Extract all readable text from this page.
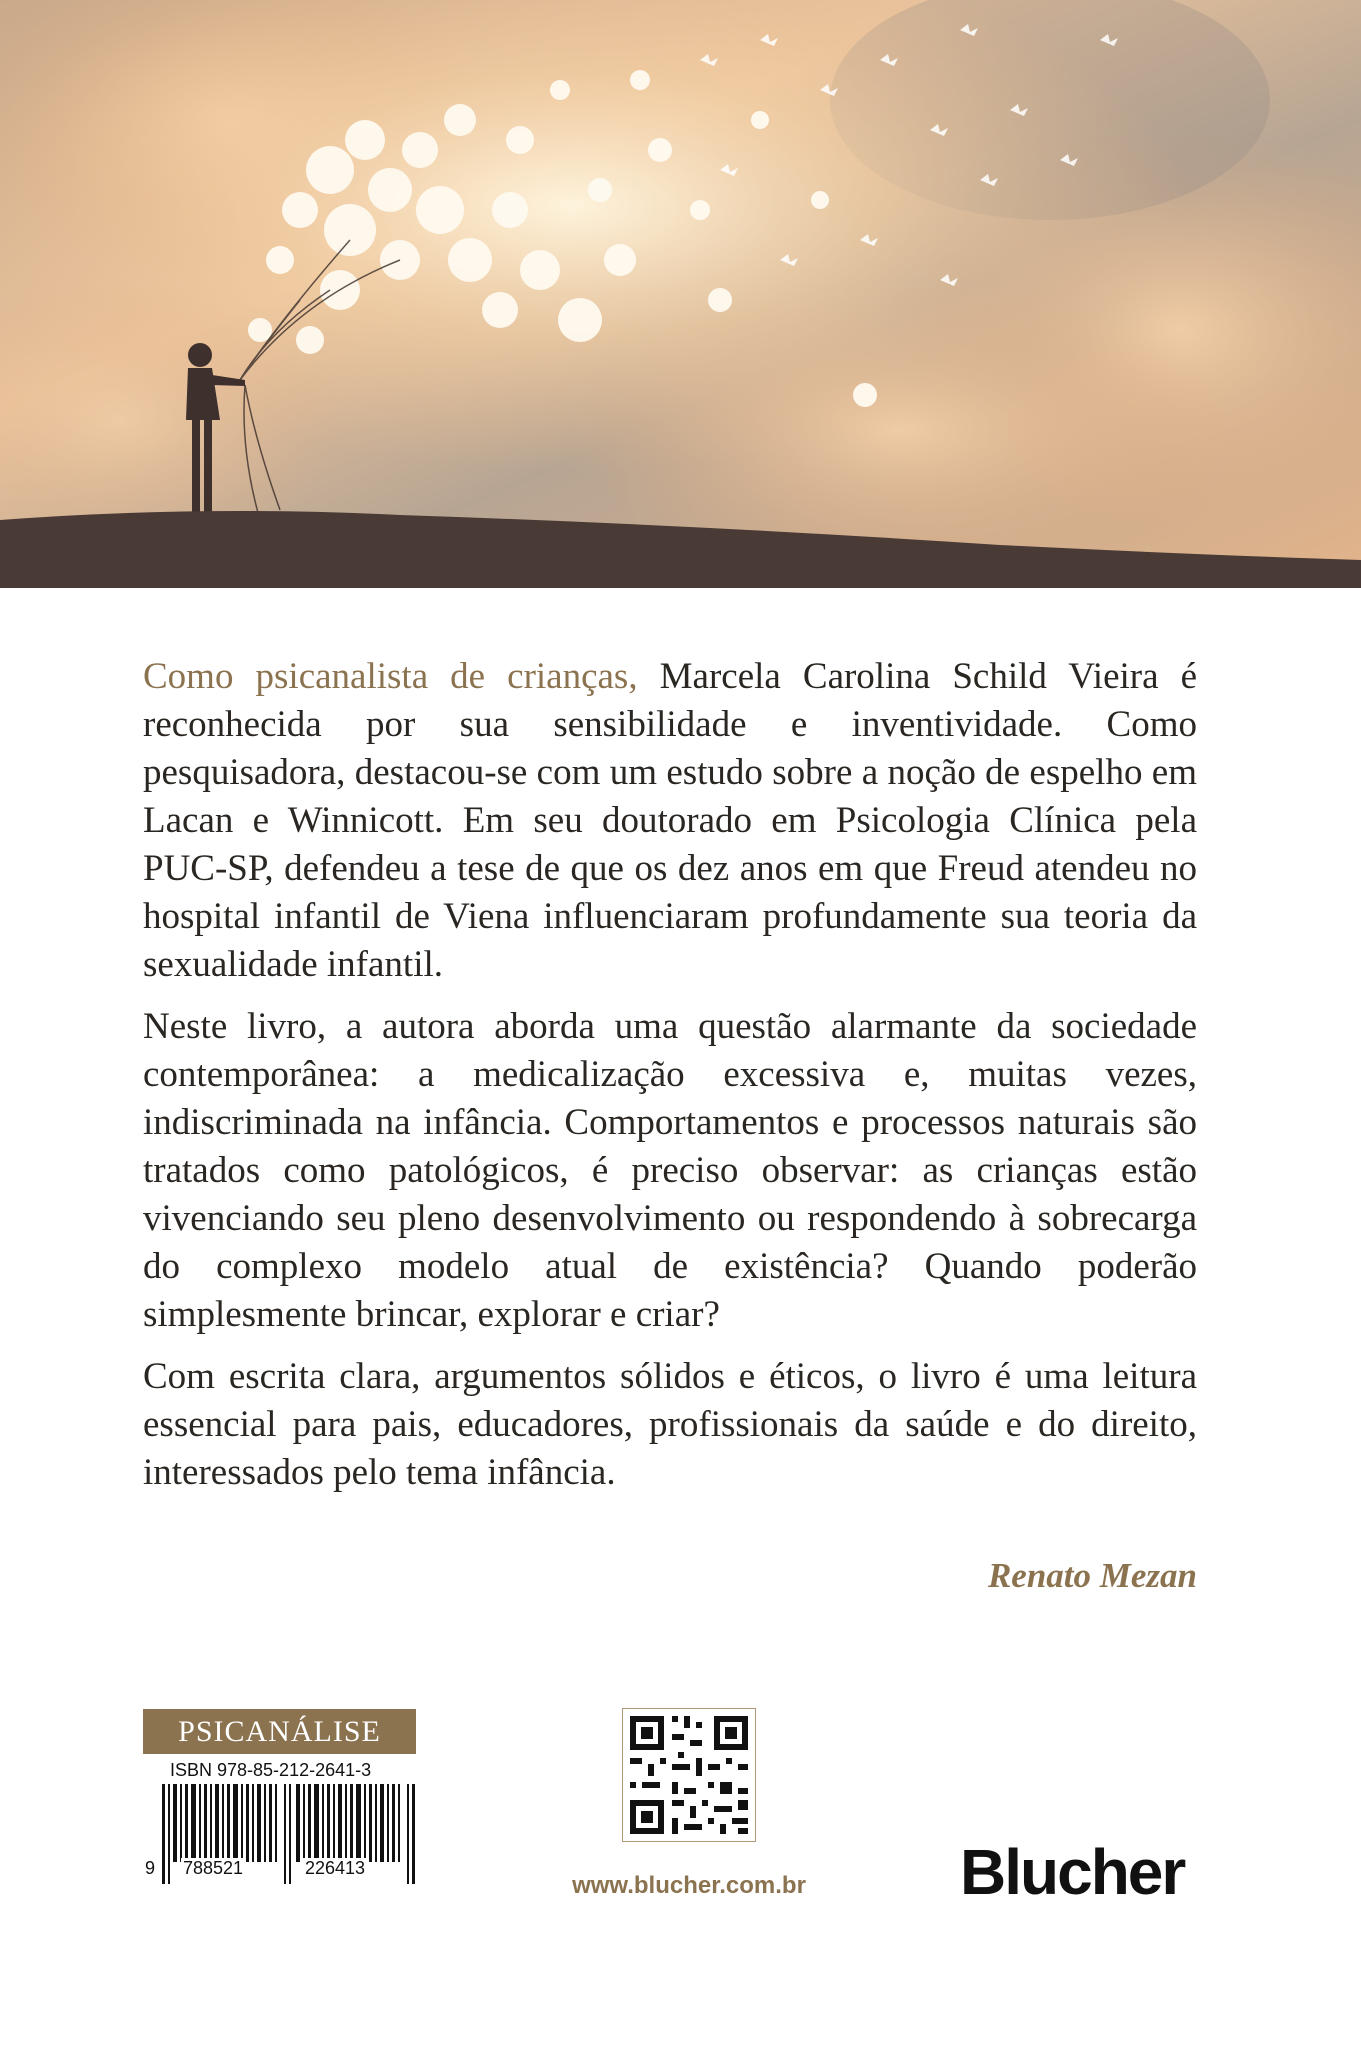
Como psicanalista de crianças, Marcela Carolina Schild Vieira é reconhecida por sua sensibilidade e inventividade. Como pesquisadora, destacou-se com um estudo sobre a noção de espelho em Lacan e Winnicott. Em seu doutorado em Psicologia Clínica pela PUC-SP, defendeu a tese de que os dez anos em que Freud atendeu no hospital infantil de Viena influenciaram profundamente sua teoria da sexualidade infantil.

Neste livro, a autora aborda uma questão alarmante da sociedade contemporânea: a medicalização excessiva e, muitas vezes, indiscriminada na infância. Comportamentos e processos naturais são tratados como patológicos, é preciso observar: as crianças estão vivenciando seu pleno desenvolvimento ou respondendo à sobrecarga do complexo modelo atual de existência? Quando poderão simplesmente brincar, explorar e criar?

Com escrita clara, argumentos sólidos e éticos, o livro é uma leitura essencial para pais, educadores, profissionais da saúde e do direito, interessados pelo tema infância.

Renato Mezan
PSICANÁLISE
ISBN 978-85-212-2641-3
9 788521	226413
www.blucher.com.br Blucher
